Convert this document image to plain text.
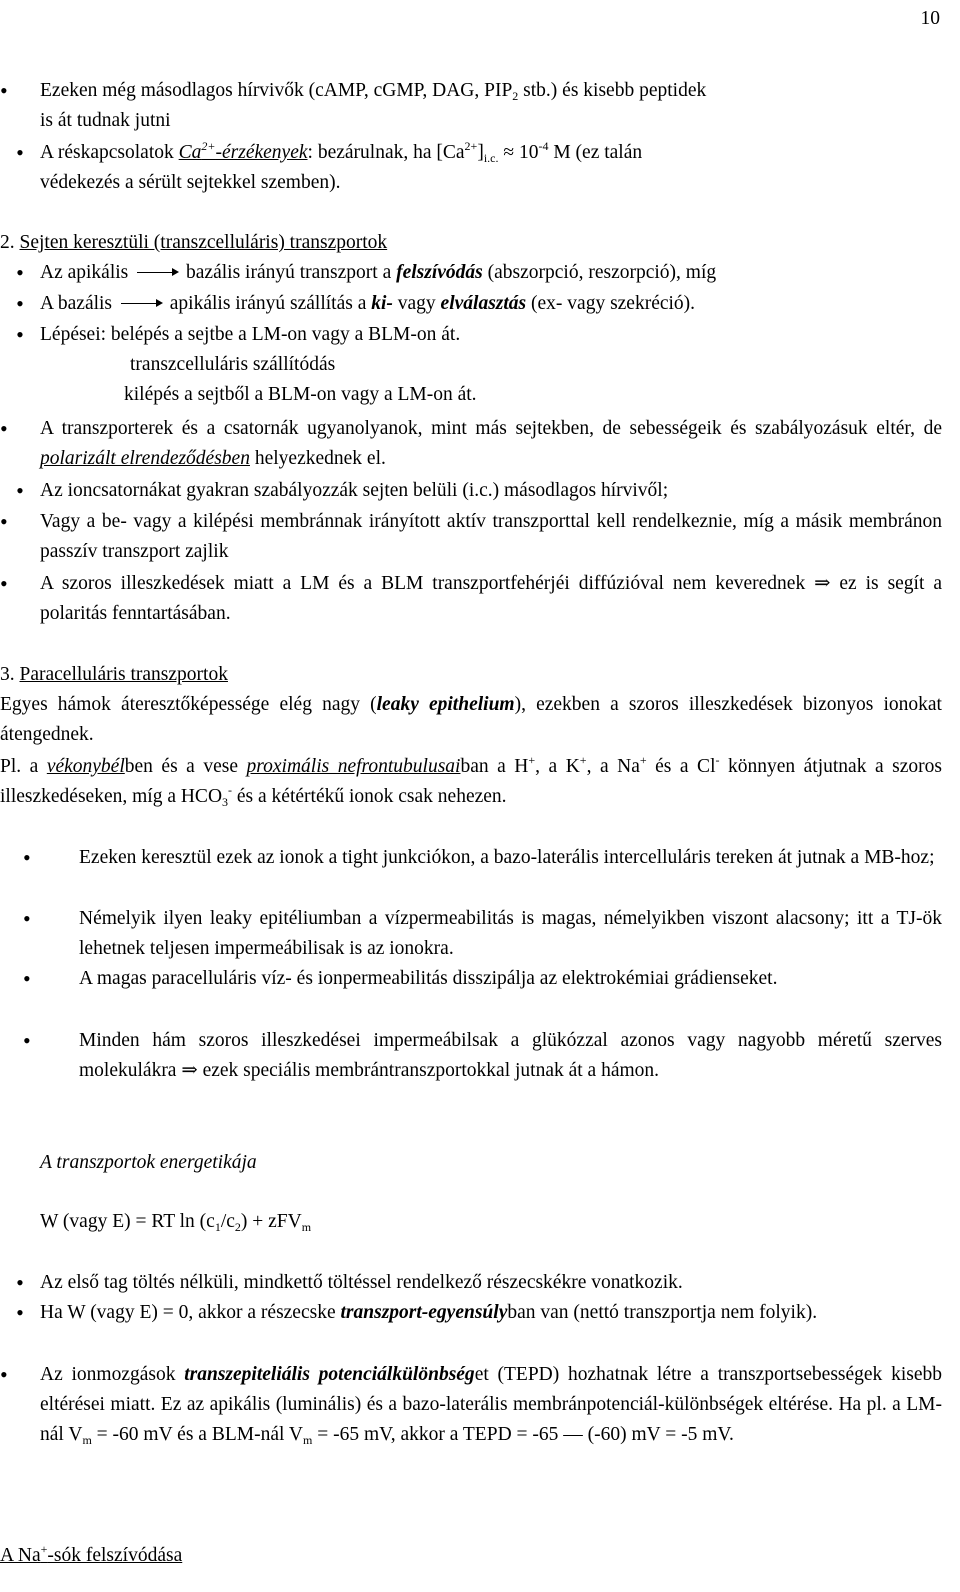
10
•
Ezeken még másodlagos hírvivők (cAMP, cGMP, DAG, $PIP_2$ stb.) és kisebb peptidek
is át tudnak jutni
•
A réskapcsolatok $Ca^{2+}$-érzékenyek: bezárulnak, ha $[Ca^{2+}]_{i.c.} \approx 10^{-4}$ M (ez talán
védekezés a sérült sejtekkel szemben).
2. Sejten keresztüli (transzcelluláris) transzportok
•
Az apikális  bazális irányú transzport a felszívódás (abszorpció, reszorpció), míg
•
A bazális  apikális irányú szállítás a ki- vagy elválasztás (ex- vagy szekréció).
•
Lépései: belépés a sejtbe a LM-on vagy a BLM-on át.
transzcelluláris szállítódás
kilépés a sejtből a BLM-on vagy a LM-on át.
•
A transzporterek és a csatornák ugyanolyanok, mint más sejtekben, de sebességeik és szabályozásuk eltér, de polarizált elrendeződésben helyezkednek el.
•
Az ioncsatornákat gyakran szabályozzák sejten belüli (i.c.) másodlagos hírvivől;
•
Vagy a be- vagy a kilépési membránnak irányított aktív transzporttal kell rendelkeznie, míg a másik membránon passzív transzport zajlik
•
A szoros illeszkedések miatt a LM és a BLM transzportfehérjéi diffúzióval nem keverednek ⇒ ez is segít a polaritás fenntartásában.
3. Paracelluláris transzportok
Egyes hámok áteresztőképessége elég nagy (leaky epithelium), ezekben a szoros illeszkedések bizonyos ionokat átengednek.
Pl. a vékonybélben és a vese proximális nefrontubulusaiban a H+, a K+, a Na+ és a Cl- könnyen átjutnak a szoros illeszkedéseken, míg a $HCO_3^-$ és a kétértékű ionok csak nehezen.
•
Ezeken keresztül ezek az ionok a tight junkciókon, a bazo-laterális intercelluláris tereken át jutnak a MB-hoz;
•
Némelyik ilyen leaky epitéliumban a vízpermeabilitás is magas, némelyikben viszont alacsony; itt a TJ-ök lehetnek teljesen impermeábilisak is az ionokra.
•
A magas paracelluláris víz- és ionpermeabilitás disszipálja az elektrokémiai grádienseket.
•
Minden hám szoros illeszkedései impermeábilsak a glükózzal azonos vagy nagyobb méretű szerves molekulákra ⇒ ezek speciális membrántranszportokkal jutnak át a hámon.
A transzportok energetikája
W (vagy E) = RT $\ln (c_1/c_2) + zFV_m$
•
Az első tag töltés nélküli, mindkettő töltéssel rendelkező részecskékre vonatkozik.
•
Ha W (vagy E) = 0, akkor a részecske transzport-egyensúlyban van (nettó transzportja nem folyik).
•
Az ionmozgások transzepiteliális potenciálkülönbséget (TEPD) hozhatnak létre a transzportsebességek kisebb eltérései miatt. Ez az apikális (luminális) és a bazo-laterális membránpotenciál-különbségek eltérése. Ha pl. a LM-nál $V_m = -60$ mV és a BLM-nál $V_m = -65$ mV, akkor a TEPD = -65 — (-60) mV = -5 mV.
A Na+-sók felszívódása
